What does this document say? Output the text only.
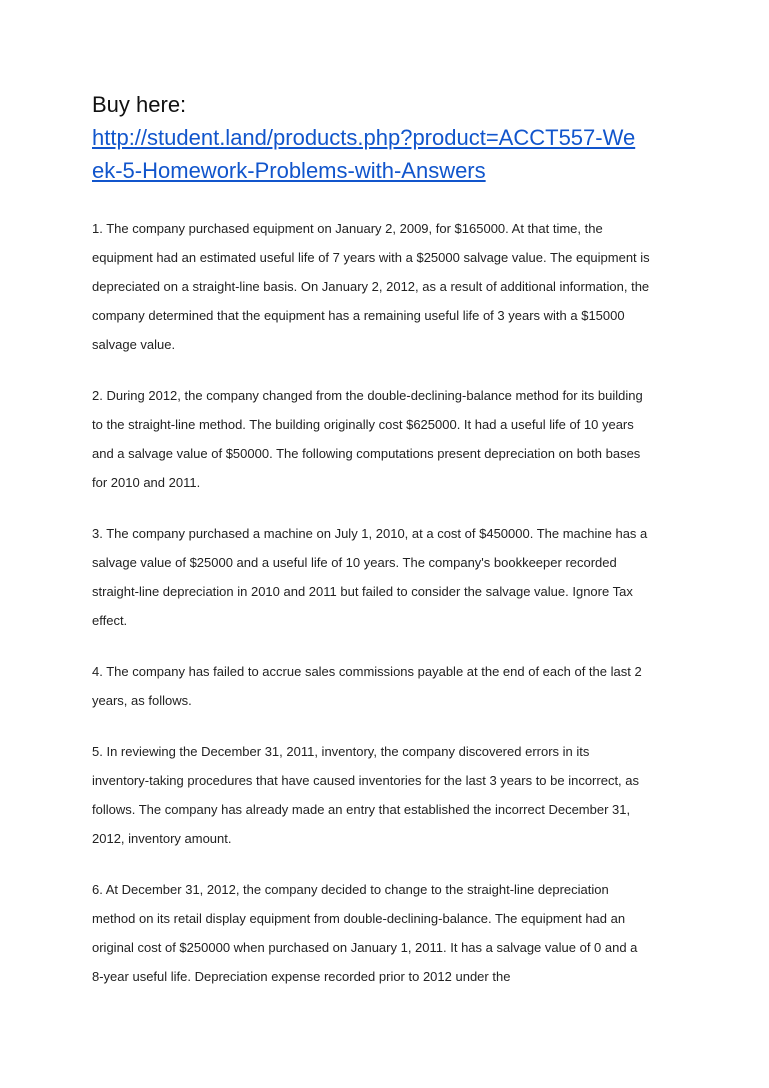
Buy here:

http://student.land/products.php?product=ACCT557-We
ek-5-Homework-Problems-with-Answers

1. The company purchased equipment on January 2, 2009, for $165000. At that time, the
equipment had an estimated useful life of 7 years with a $25000 salvage value. The equipment is
depreciated on a straight-line basis. On January 2, 2012, as a result of additional information, the
company determined that the equipment has a remaining useful life of 3 years with a $15000
salvage value.

2. During 2012, the company changed from the double-declining-balance method for its building
to the straight-line method. The building originally cost $625000. It had a useful life of 10 years
and a salvage value of $50000. The following computations present depreciation on both bases
for 2010 and 2011.

3. The company purchased a machine on July 1, 2010, at a cost of $450000. The machine has a
salvage value of $25000 and a useful life of 10 years. The company's bookkeeper recorded
straight-line depreciation in 2010 and 2011 but failed to consider the salvage value. Ignore Tax
effect.

4. The company has failed to accrue sales commissions payable at the end of each of the last 2
years, as follows.

5. In reviewing the December 31, 2011, inventory, the company discovered errors in its
inventory-taking procedures that have caused inventories for the last 3 years to be incorrect, as
follows. The company has already made an entry that established the incorrect December 31,
2012, inventory amount.

6. At December 31, 2012, the company decided to change to the straight-line depreciation
method on its retail display equipment from double-declining-balance. The equipment had an
original cost of $250000 when purchased on January 1, 2011. It has a salvage value of 0 and a
8-year useful life. Depreciation expense recorded prior to 2012 under the
